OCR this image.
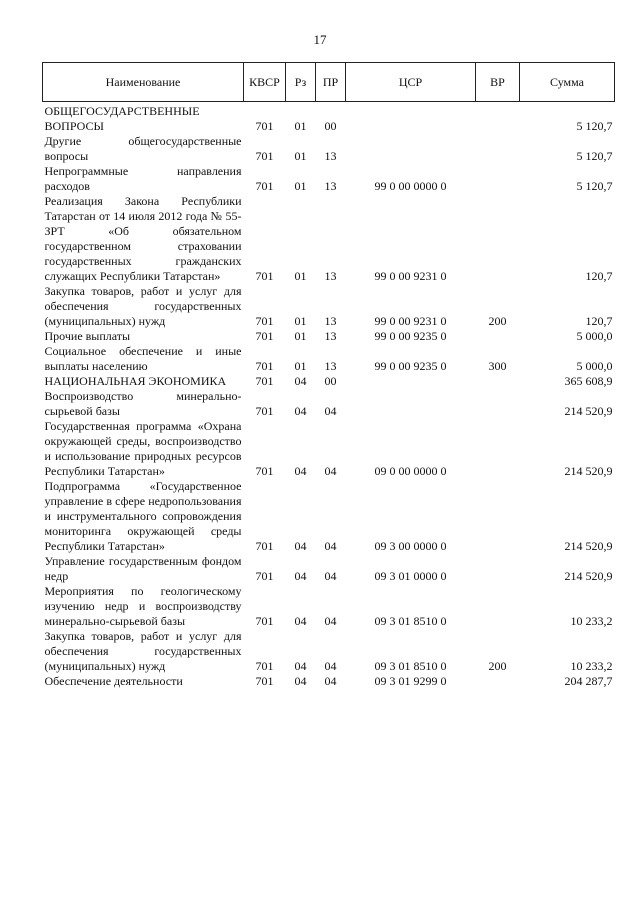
17
Наименование	КВСР	Рз	ПР	ЦСР	ВР	Сумма
ОБЩЕГОСУДАРСТВЕННЫЕ ВОПРОСЫ	701	01	00			5 120,7
Другие общегосударственные вопросы	701	01	13			5 120,7
Непрограммные направления расходов	701	01	13	99 0 00 0000 0		5 120,7
Реализация Закона Республики Татарстан от 14 июля 2012 года № 55-ЗРТ «Об обязательном государственном страховании государственных гражданских служащих Республики Татарстан»	701	01	13	99 0 00 9231 0		120,7
Закупка товаров, работ и услуг для обеспечения государственных (муниципальных) нужд	701	01	13	99 0 00 9231 0	200	120,7
Прочие выплаты	701	01	13	99 0 00 9235 0		5 000,0
Социальное обеспечение и иные выплаты населению	701	01	13	99 0 00 9235 0	300	5 000,0
НАЦИОНАЛЬНАЯ ЭКОНОМИКА	701	04	00			365 608,9
Воспроизводство минерально-сырьевой базы	701	04	04			214 520,9
Государственная программа «Охрана окружающей среды, воспроизводство и использование природных ресурсов Республики Татарстан»	701	04	04	09 0 00 0000 0		214 520,9
Подпрограмма «Государственное управление в сфере недропользования и инструментального сопровождения мониторинга окружающей среды Республики Татарстан»	701	04	04	09 3 00 0000 0		214 520,9
Управление государственным фондом недр	701	04	04	09 3 01 0000 0		214 520,9
Мероприятия по геологическому изучению недр и воспроизводству минерально-сырьевой базы	701	04	04	09 3 01 8510 0		10 233,2
Закупка товаров, работ и услуг для обеспечения государственных (муниципальных) нужд	701	04	04	09 3 01 8510 0	200	10 233,2
Обеспечение деятельности	701	04	04	09 3 01 9299 0		204 287,7
